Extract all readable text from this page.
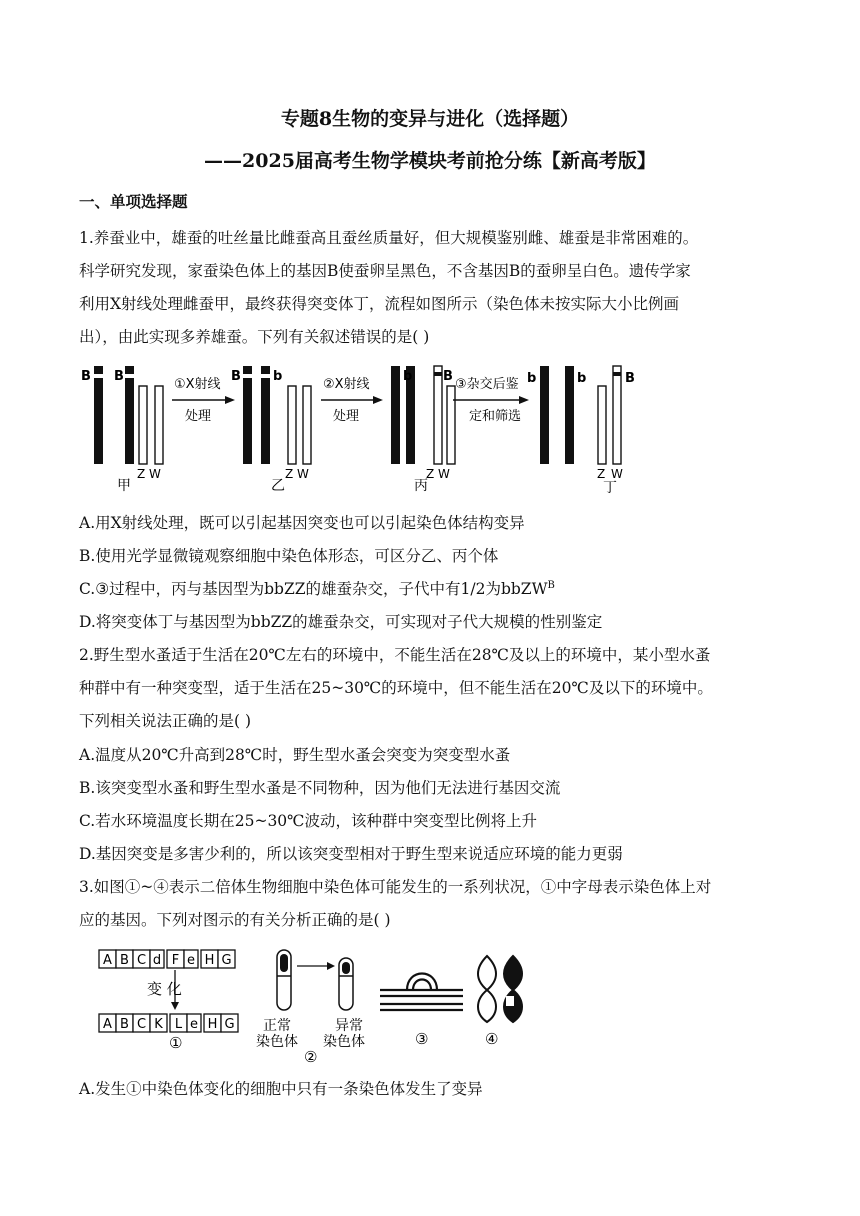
专题8生物的变异与进化（选择题）
——2025届高考生物学模块考前抢分练【新高考版】
一、单项选择题
1.养蚕业中，雄蚕的吐丝量比雌蚕高且蚕丝质量好，但大规模鉴别雌、雄蚕是非常困难的。
科学研究发现，家蚕染色体上的基因B使蚕卵呈黑色，不含基因B的蚕卵呈白色。遗传学家
利用X射线处理雌蚕甲，最终获得突变体丁，流程如图所示（染色体未按实际大小比例画
出），由此实现多养雄蚕。下列有关叙述错误的是( )
B B
Z W
甲
①X射线
处理
B b
Z W
乙
②X射线
处理
b B
Z W
丙
③杂交后鉴
定和筛选
b	b	B
Z W
丁
A.用X射线处理，既可以引起基因突变也可以引起染色体结构变异
B.使用光学显微镜观察细胞中染色体形态，可区分乙、丙个体
C.③过程中，丙与基因型为bbZZ的雄蚕杂交，子代中有1/2为bbZW$^B$
D.将突变体丁与基因型为bbZZ的雄蚕杂交，可实现对子代大规模的性别鉴定
2.野生型水蚤适于生活在20℃左右的环境中，不能生活在28℃及以上的环境中，某小型水蚤
种群中有一种突变型，适于生活在25~30℃的环境中，但不能生活在20℃及以下的环境中。
下列相关说法正确的是( )
A.温度从20℃升高到28℃时，野生型水蚤会突变为突变型水蚤
B.该突变型水蚤和野生型水蚤是不同物种，因为他们无法进行基因交流
C.若水环境温度长期在25~30℃波动，该种群中突变型比例将上升
D.基因突变是多害少利的，所以该突变型相对于野生型来说适应环境的能力更弱
3.如图①~④表示二倍体生物细胞中染色体可能发生的一系列状况，①中字母表示染色体上对
应的基因。下列对图示的有关分析正确的是( )
A B C d F e H G
变 化
A B C K L e H G
①
正常
染色体
异常
染色体
②
③	④
A.发生①中染色体变化的细胞中只有一条染色体发生了变异
